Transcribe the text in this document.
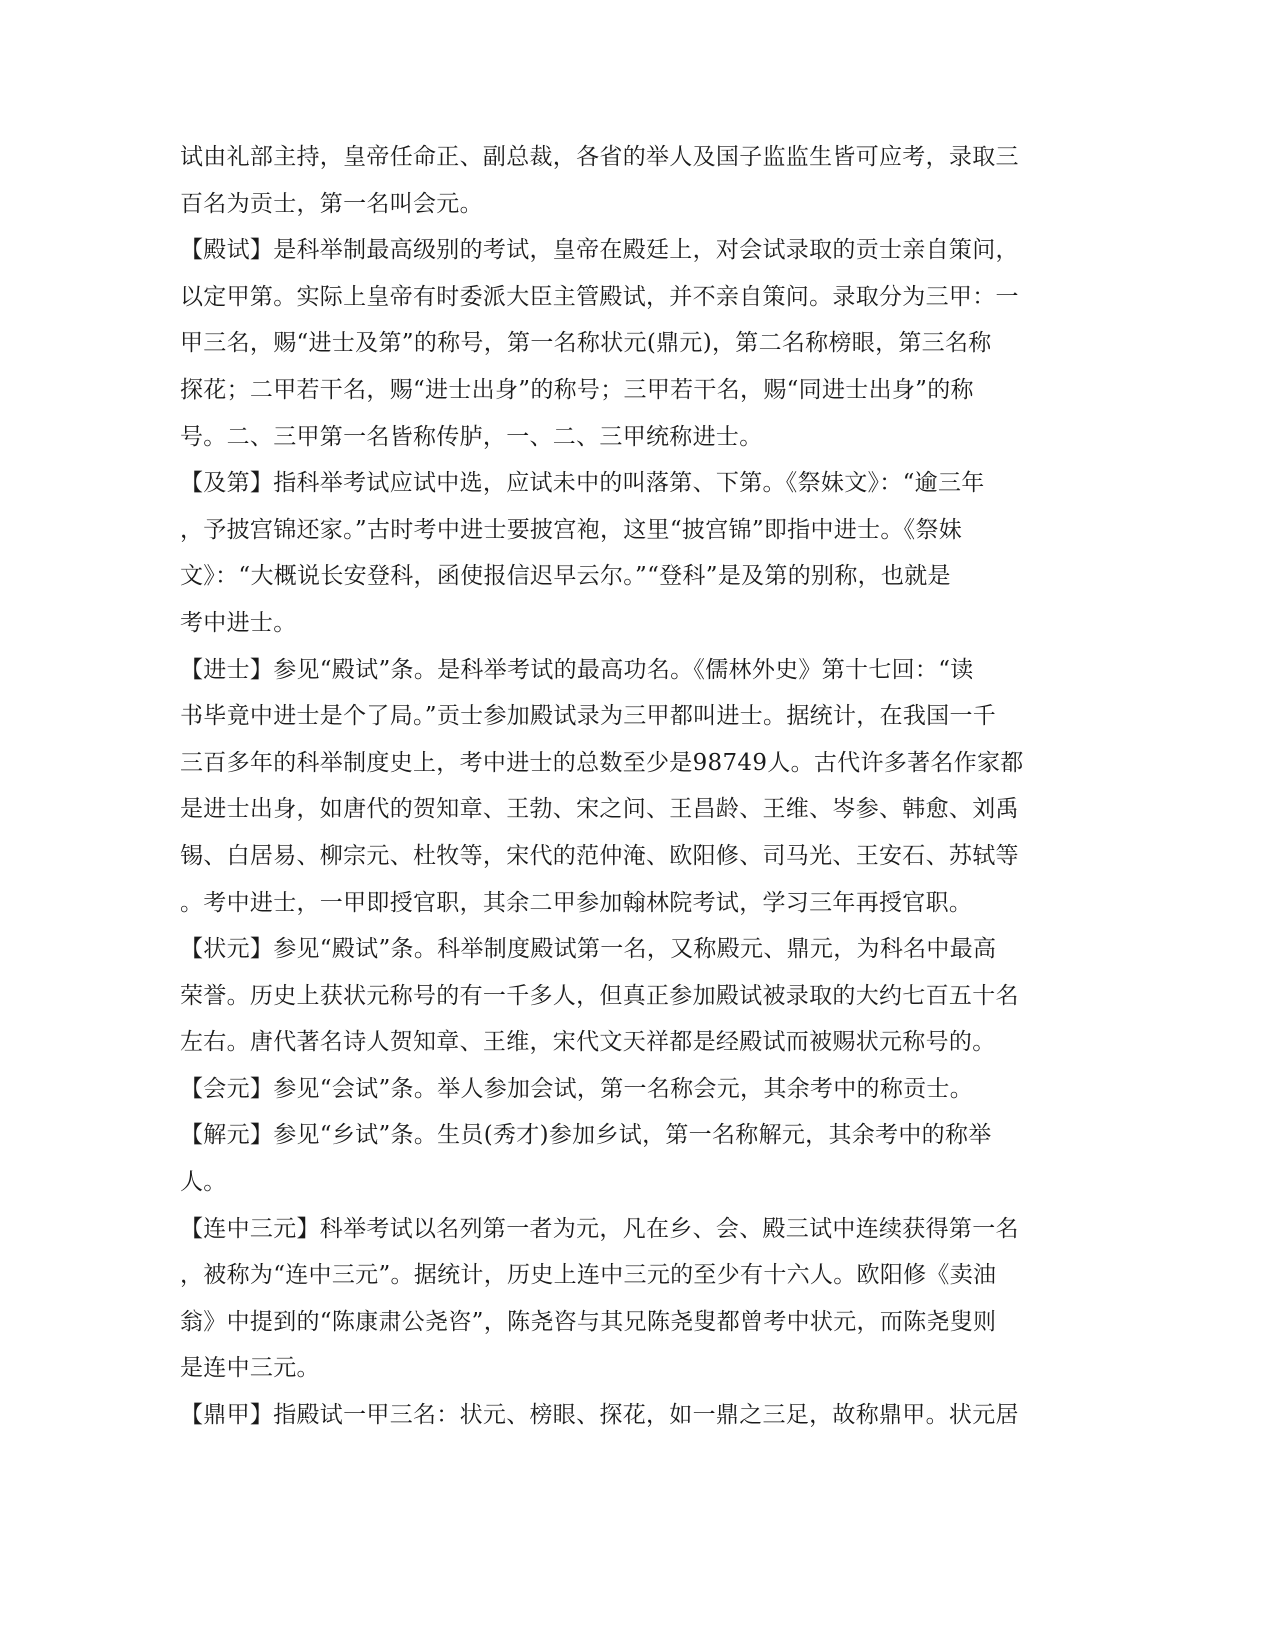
试由礼部主持，皇帝任命正、副总裁，各省的举人及国子监监生皆可应考，录取三
百名为贡士，第一名叫会元。
【殿试】是科举制最高级别的考试，皇帝在殿廷上，对会试录取的贡士亲自策问，
以定甲第。实际上皇帝有时委派大臣主管殿试，并不亲自策问。录取分为三甲：一
甲三名，赐“进士及第”的称号，第一名称状元(鼎元)，第二名称榜眼，第三名称
探花；二甲若干名，赐“进士出身”的称号；三甲若干名，赐“同进士出身”的称
号。二、三甲第一名皆称传胪，一、二、三甲统称进士。
【及第】指科举考试应试中选，应试未中的叫落第、下第。《祭妹文》：“逾三年
，予披宫锦还家。”古时考中进士要披宫袍，这里“披宫锦”即指中进士。《祭妹
文》：“大概说长安登科，函使报信迟早云尔。”“登科”是及第的别称，也就是
考中进士。
【进士】参见“殿试”条。是科举考试的最高功名。《儒林外史》第十七回：“读
书毕竟中进士是个了局。”贡士参加殿试录为三甲都叫进士。据统计，在我国一千
三百多年的科举制度史上，考中进士的总数至少是98749人。古代许多著名作家都
是进士出身，如唐代的贺知章、王勃、宋之问、王昌龄、王维、岑参、韩愈、刘禹
锡、白居易、柳宗元、杜牧等，宋代的范仲淹、欧阳修、司马光、王安石、苏轼等
。考中进士，一甲即授官职，其余二甲参加翰林院考试，学习三年再授官职。
【状元】参见“殿试”条。科举制度殿试第一名，又称殿元、鼎元，为科名中最高
荣誉。历史上获状元称号的有一千多人，但真正参加殿试被录取的大约七百五十名
左右。唐代著名诗人贺知章、王维，宋代文天祥都是经殿试而被赐状元称号的。
【会元】参见“会试”条。举人参加会试，第一名称会元，其余考中的称贡士。
【解元】参见“乡试”条。生员(秀才)参加乡试，第一名称解元，其余考中的称举
人。
【连中三元】科举考试以名列第一者为元，凡在乡、会、殿三试中连续获得第一名
，被称为“连中三元”。据统计，历史上连中三元的至少有十六人。欧阳修《卖油
翁》中提到的“陈康肃公尧咨”，陈尧咨与其兄陈尧叟都曾考中状元，而陈尧叟则
是连中三元。
【鼎甲】指殿试一甲三名：状元、榜眼、探花，如一鼎之三足，故称鼎甲。状元居
